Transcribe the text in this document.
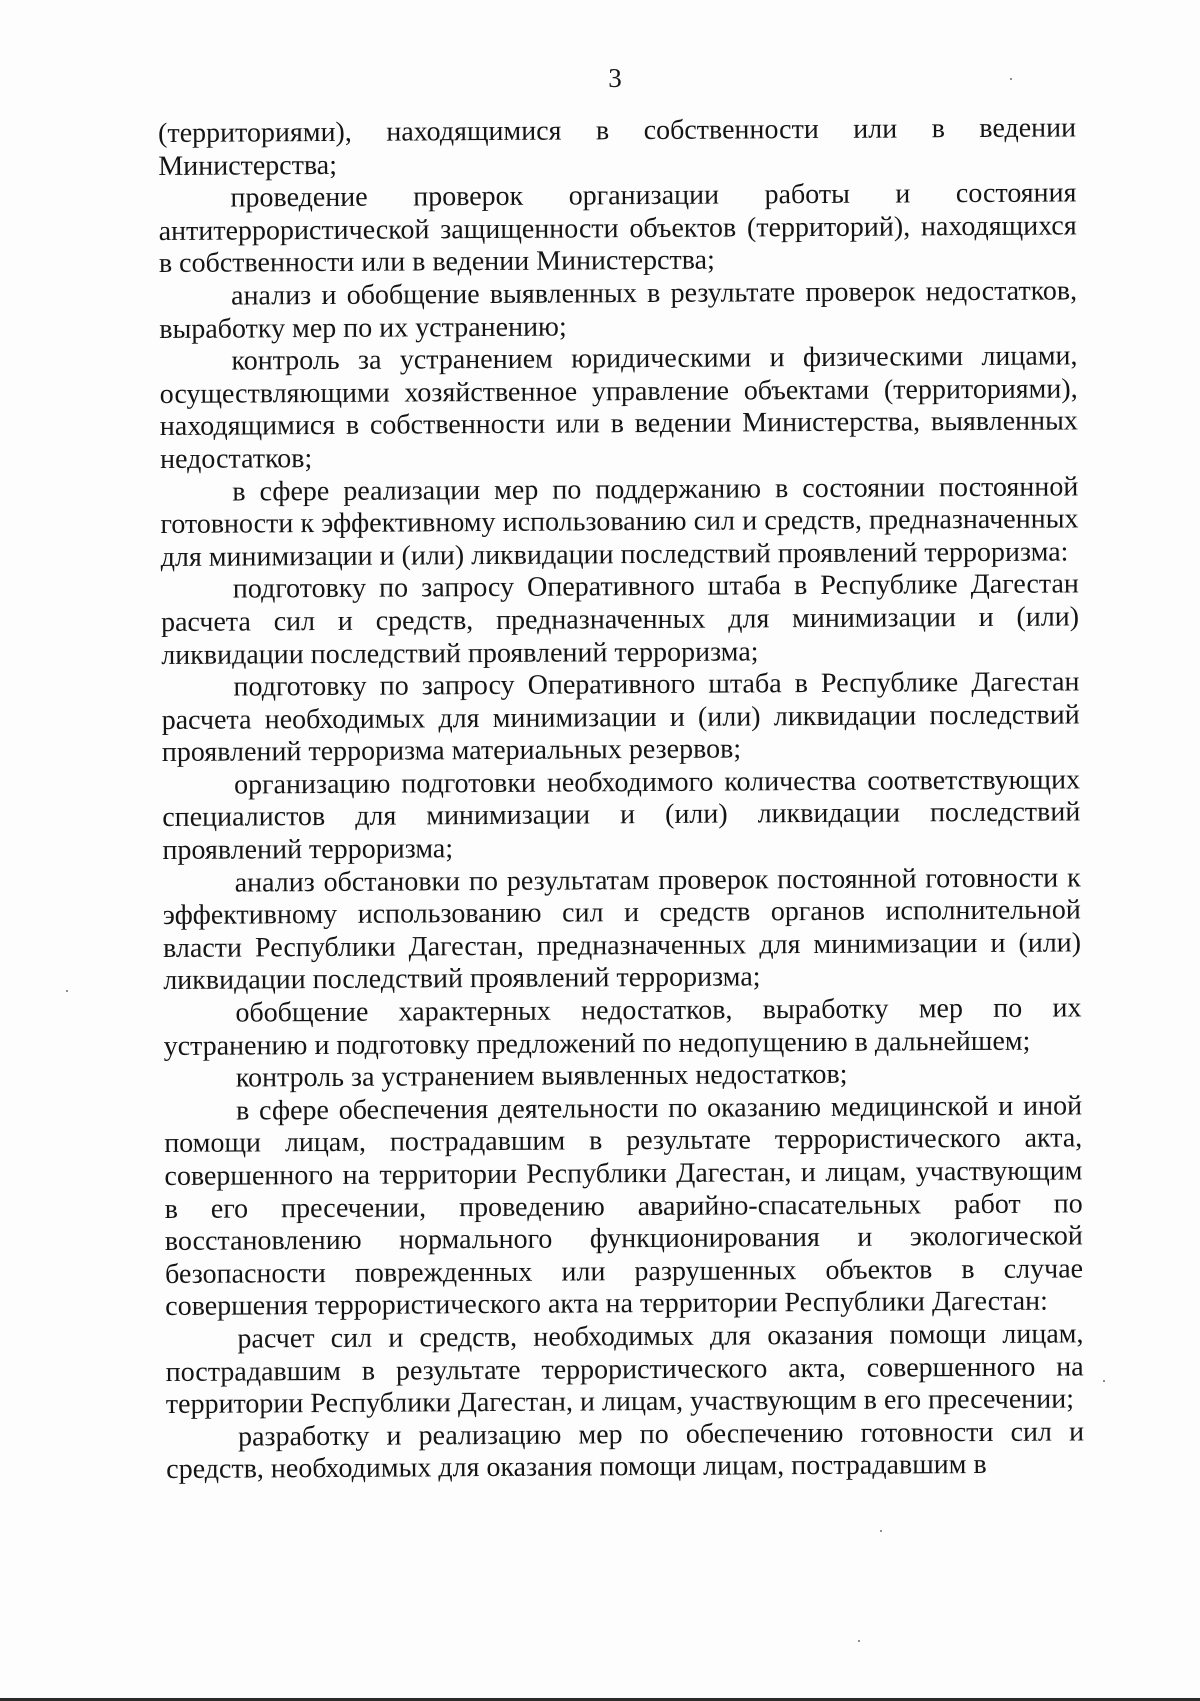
3

(территориями), находящимися в собственности или в ведении Министерства;

проведение проверок организации работы и состояния антитеррористической защищенности объектов (территорий), находящихся в собственности или в ведении Министерства;

анализ и обобщение выявленных в результате проверок недостатков, выработку мер по их устранению;

контроль за устранением юридическими и физическими лицами, осуществляющими хозяйственное управление объектами (территориями), находящимися в собственности или в ведении Министерства, выявленных недостатков;

в сфере реализации мер по поддержанию в состоянии постоянной готовности к эффективному использованию сил и средств, предназначенных для минимизации и (или) ликвидации последствий проявлений терроризма:

подготовку по запросу Оперативного штаба в Республике Дагестан расчета сил и средств, предназначенных для минимизации и (или) ликвидации последствий проявлений терроризма;

подготовку по запросу Оперативного штаба в Республике Дагестан расчета необходимых для минимизации и (или) ликвидации последствий проявлений терроризма материальных резервов;

организацию подготовки необходимого количества соответствующих специалистов для минимизации и (или) ликвидации последствий проявлений терроризма;

анализ обстановки по результатам проверок постоянной готовности к эффективному использованию сил и средств органов исполнительной власти Республики Дагестан, предназначенных для минимизации и (или) ликвидации последствий проявлений терроризма;

обобщение характерных недостатков, выработку мер по их устранению и подготовку предложений по недопущению в дальнейшем;

контроль за устранением выявленных недостатков;

в сфере обеспечения деятельности по оказанию медицинской и иной помощи лицам, пострадавшим в результате террористического акта, совершенного на территории Республики Дагестан, и лицам, участвующим в его пресечении, проведению аварийно-спасательных работ по восстановлению нормального функционирования и экологической безопасности поврежденных или разрушенных объектов в случае совершения террористического акта на территории Республики Дагестан:

расчет сил и средств, необходимых для оказания помощи лицам, пострадавшим в результате террористического акта, совершенного на территории Республики Дагестан, и лицам, участвующим в его пресечении;

разработку и реализацию мер по обеспечению готовности сил и средств, необходимых для оказания помощи лицам, пострадавшим в
